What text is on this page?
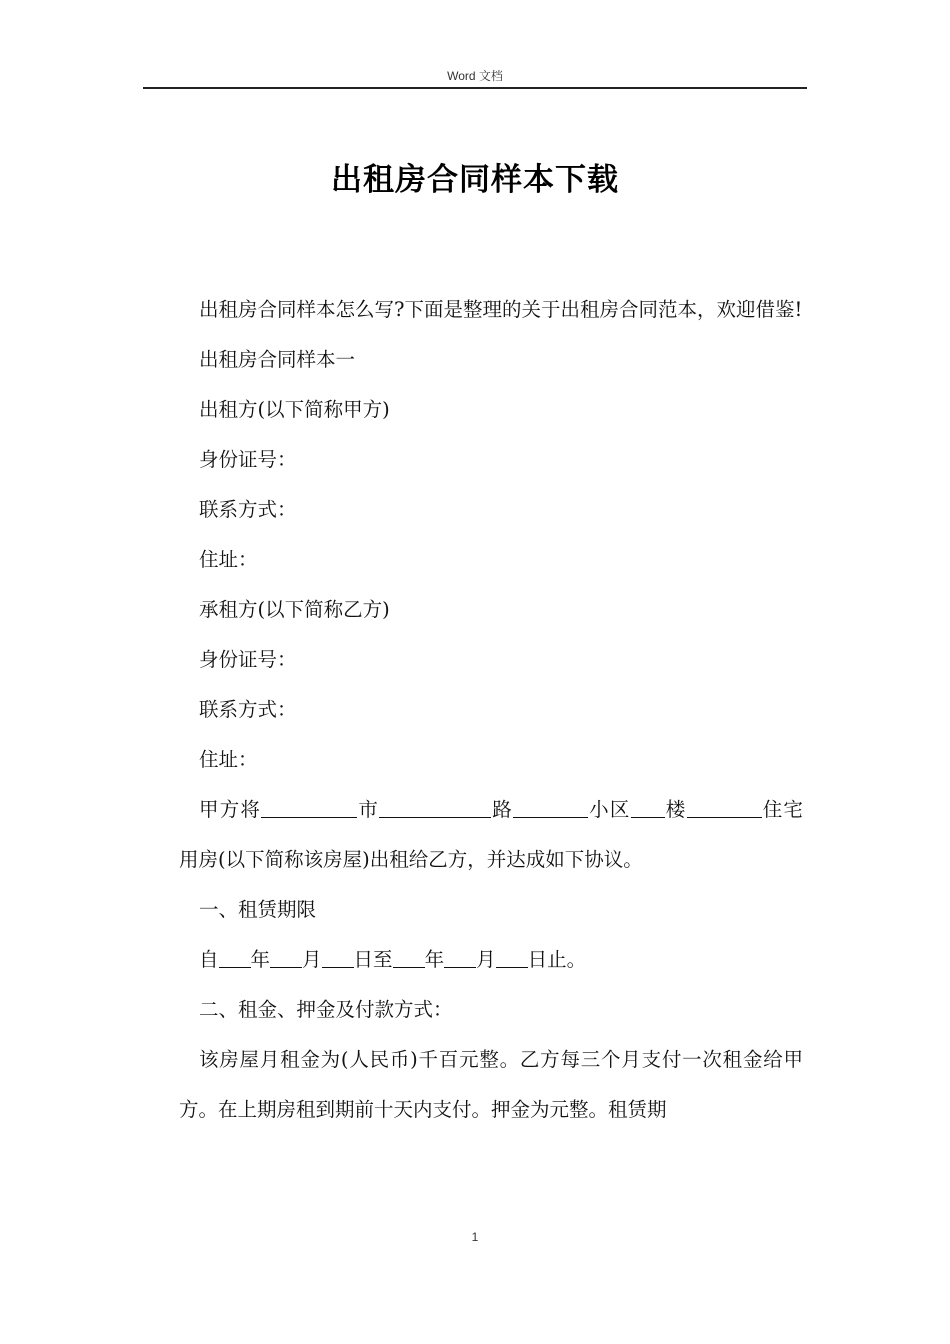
Word 文档
出租房合同样本下载

出租房合同样本怎么写?下面是整理的关于出租房合同范本，欢迎借鉴!

出租房合同样本一

出租方(以下简称甲方)

身份证号：

联系方式：

住址：

承租方(以下简称乙方)

身份证号：

联系方式：

住址：

甲方将	市	路	小区 楼	住宅用房(以下简称该房屋)出租给乙方，并达成如下协议。

一、租赁期限

自 年 月 日至 年 月 日止。

二、租金、押金及付款方式：

该房屋月租金为(人民币)千百元整。乙方每三个月支付一次租金给甲方。在上期房租到期前十天内支付。押金为元整。租赁期

1
